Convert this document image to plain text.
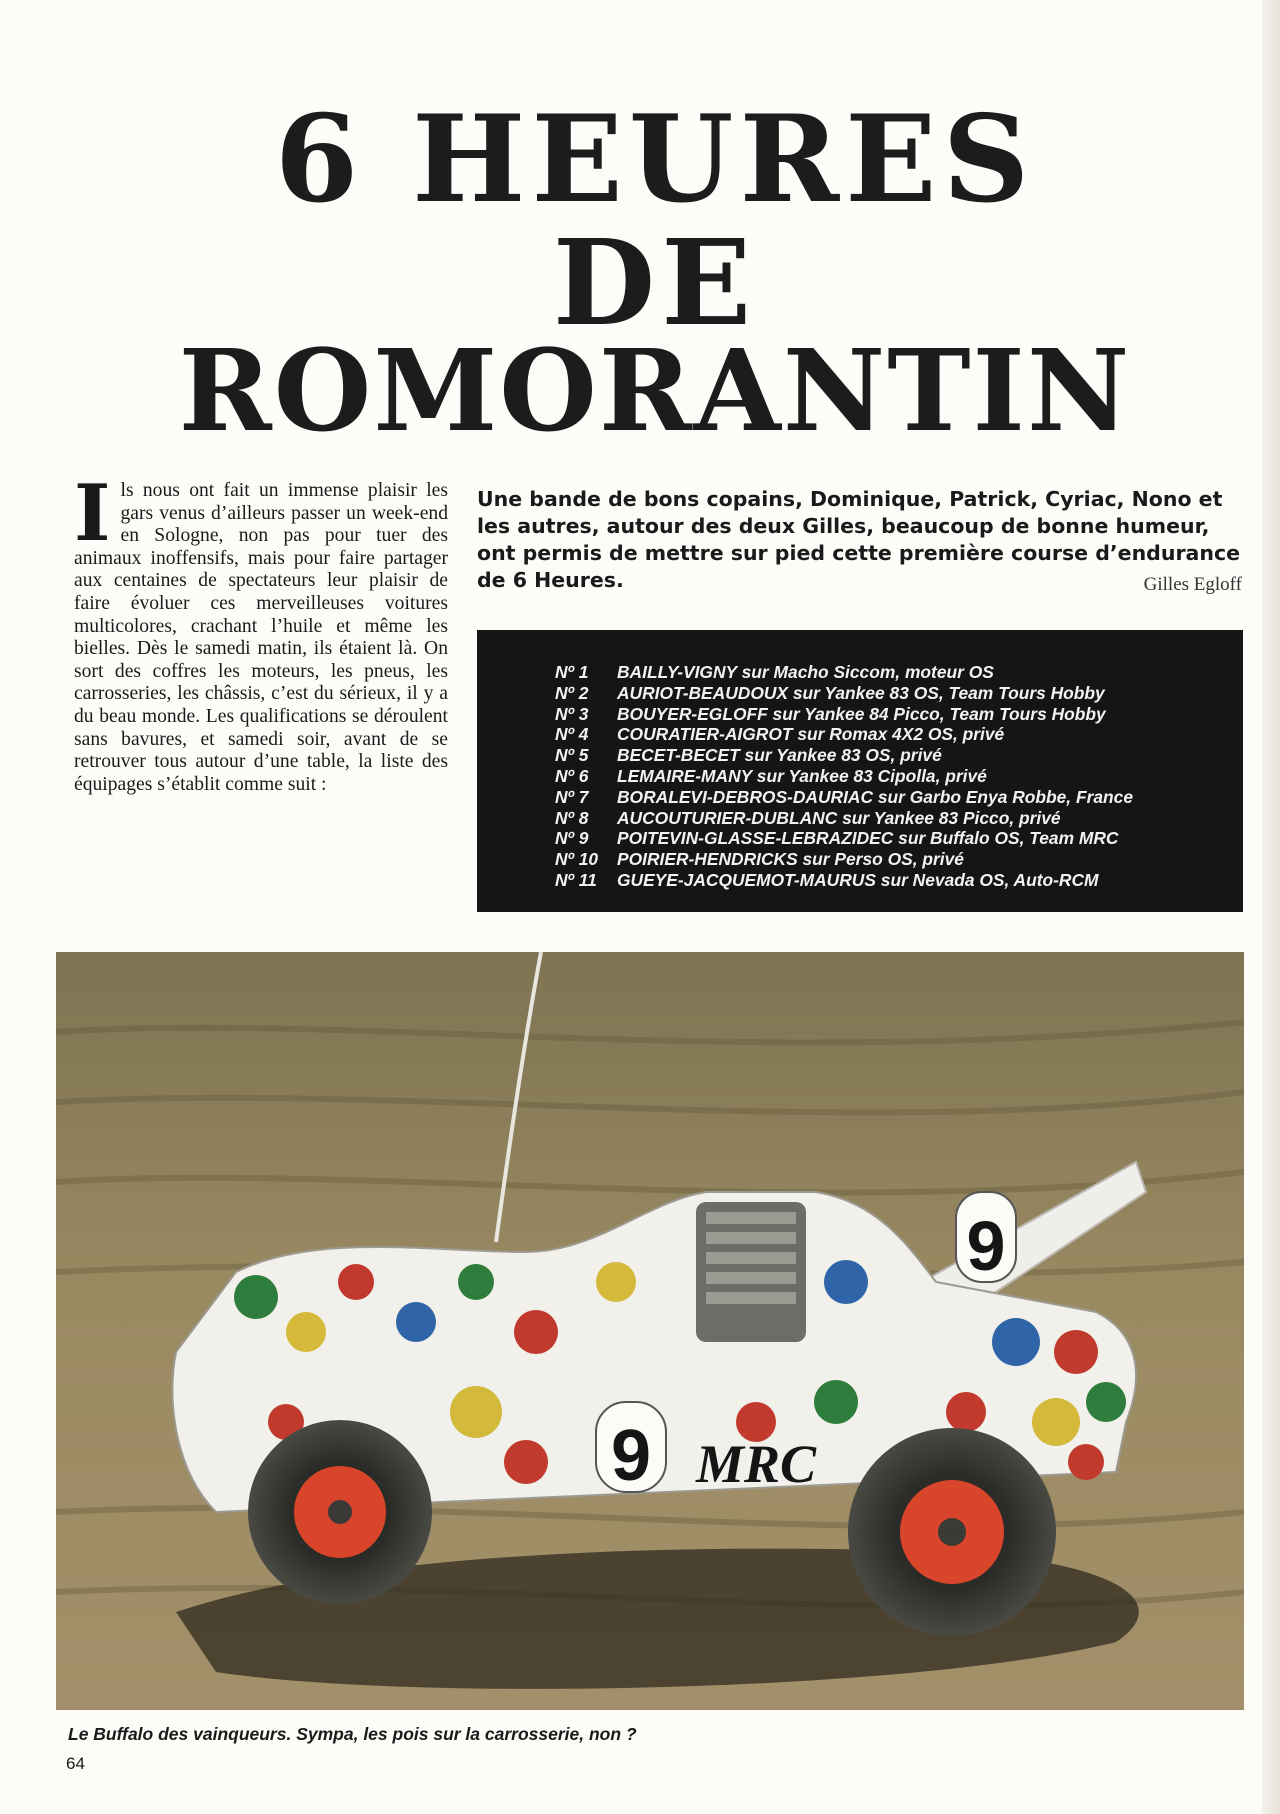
6 HEURES
DE
ROMORANTIN
I ls nous ont fait un immense plaisir les gars venus d’ailleurs passer un week-end en Sologne, non pas pour tuer des animaux inoffensifs, mais pour faire partager aux centaines de spectateurs leur plaisir de faire évoluer ces merveilleuses voitures multicolores, crachant l’huile et même les bielles. Dès le samedi matin, ils étaient là. On sort des coffres les moteurs, les pneus, les carrosseries, les châssis, c’est du sérieux, il y a du beau monde. Les qualifications se déroulent sans bavures, et samedi soir, avant de se retrouver tous autour d’une table, la liste des équipages s’établit comme suit :
Une bande de bons copains, Dominique, Patrick, Cyriac, Nono et les autres, autour des deux Gilles, beaucoup de bonne humeur, ont permis de mettre sur pied cette première course d’endurance de 6 Heures.	Gilles Egloff
Nº 1	BAILLY-VIGNY sur Macho Siccom, moteur OS
Nº 2	AURIOT-BEAUDOUX sur Yankee 83 OS, Team Tours Hobby
Nº 3	BOUYER-EGLOFF sur Yankee 84 Picco, Team Tours Hobby
Nº 4	COURATIER-AIGROT sur Romax 4X2 OS, privé
Nº 5	BECET-BECET sur Yankee 83 OS, privé
Nº 6	LEMAIRE-MANY sur Yankee 83 Cipolla, privé
Nº 7	BORALEVI-DEBROS-DAURIAC sur Garbo Enya Robbe, France
Nº 8	AUCOUTURIER-DUBLANC sur Yankee 83 Picco, privé
Nº 9	POITEVIN-GLASSE-LEBRAZIDEC sur Buffalo OS, Team MRC
Nº 10	POIRIER-HENDRICKS sur Perso OS, privé
Nº 11	GUEYE-JACQUEMOT-MAURUS sur Nevada OS, Auto-RCM
9
9
MRC
Le Buffalo des vainqueurs. Sympa, les pois sur la carrosserie, non ?
64
